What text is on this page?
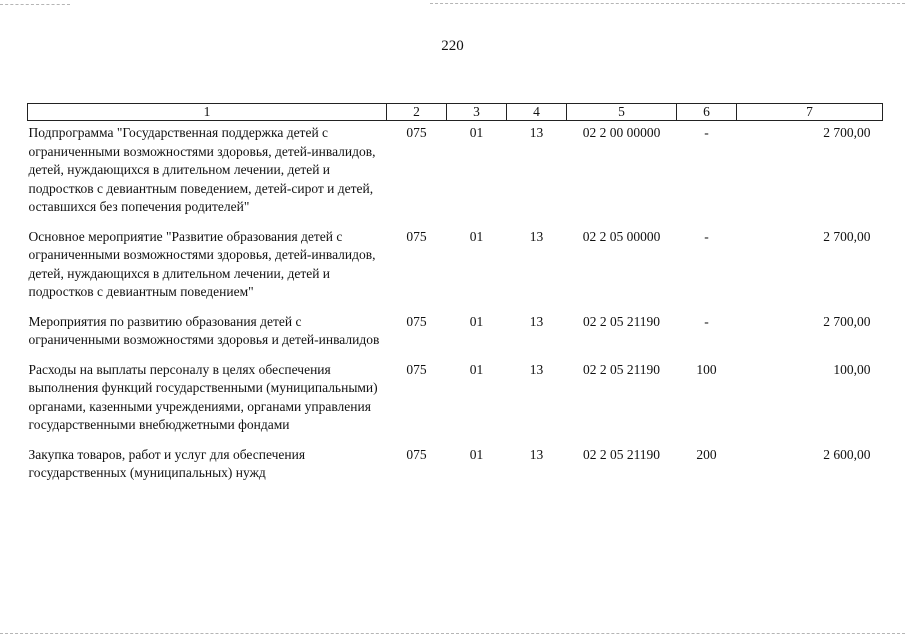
220
1	2	3	4	5	6	7
Подпрограмма "Государственная поддержка детей с ограниченными возможностями здоровья, детей-инвалидов, детей, нуждающихся в длительном лечении, детей и подростков с девиантным поведением, детей-сирот и детей, оставшихся без попечения родителей"	075	01	13	02 2 00 00000	-	2 700,00
Основное мероприятие "Развитие образования детей с ограниченными возможностями здоровья, детей-инвалидов, детей, нуждающихся в длительном лечении, детей и подростков с девиантным поведением"	075	01	13	02 2 05 00000	-	2 700,00
Мероприятия по развитию образования детей с ограниченными возможностями здоровья и детей-инвалидов	075	01	13	02 2 05 21190	-	2 700,00
Расходы на выплаты персоналу в целях обеспечения выполнения функций государственными (муниципальными) органами, казенными учреждениями, органами управления государственными внебюджетными фондами	075	01	13	02 2 05 21190	100	100,00
Закупка товаров, работ и услуг для обеспечения государственных (муниципальных) нужд	075	01	13	02 2 05 21190	200	2 600,00
